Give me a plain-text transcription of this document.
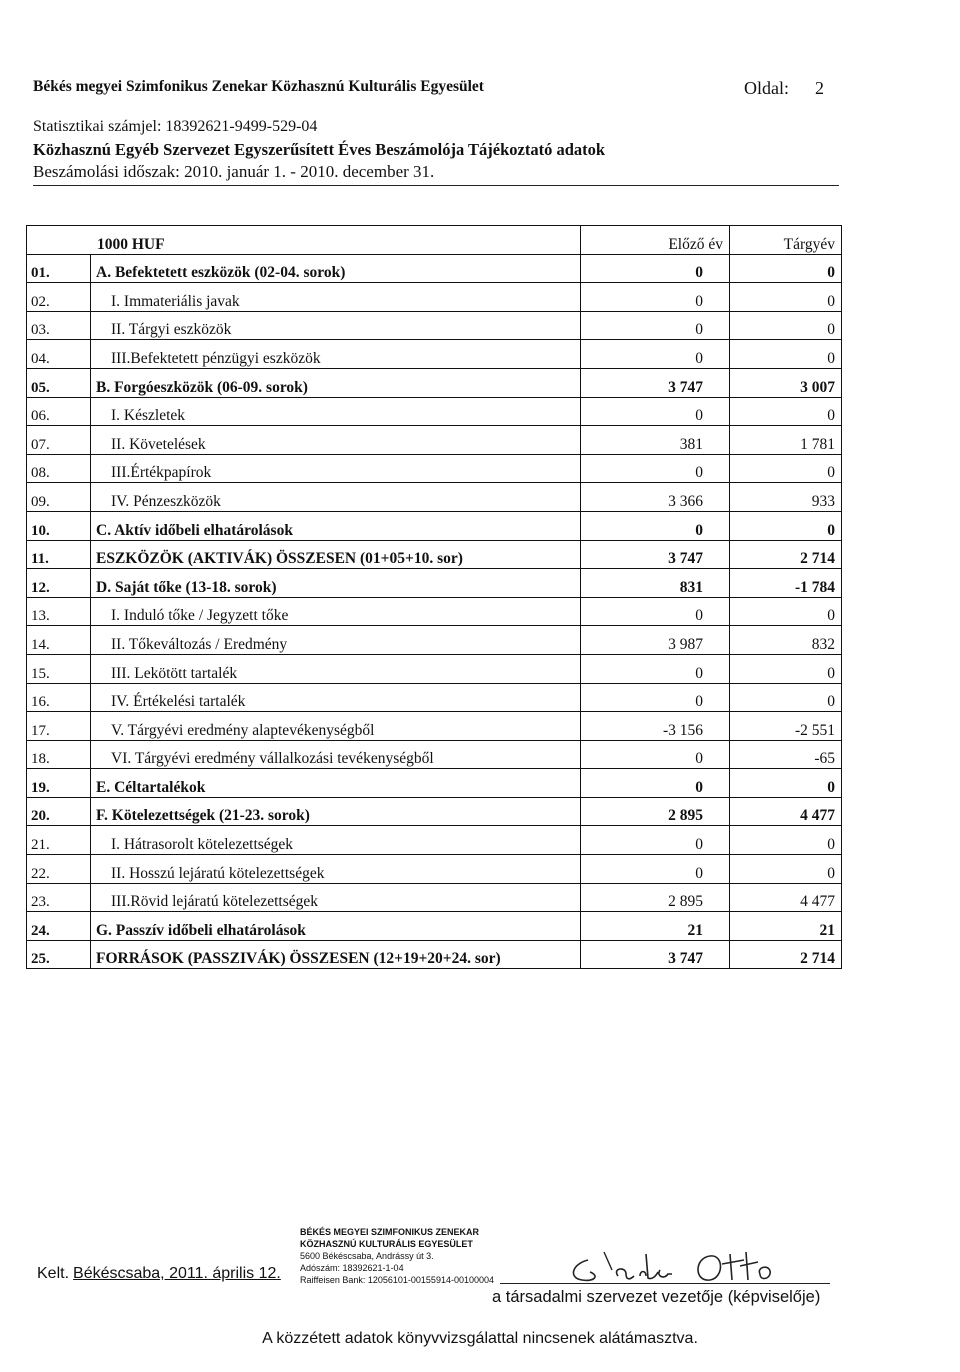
Békés megyei Szimfonikus Zenekar Közhasznú Kulturális Egyesület	Oldal: 2
Statisztikai számjel: 18392621-9499-529-04
Közhasznú Egyéb Szervezet Egyszerűsített Éves Beszámolója Tájékoztató adatok
Beszámolási időszak: 2010. január 1. - 2010. december 31.
1000 HUF		Előző év	Tárgyév
01.	A. Befektetett eszközök (02-04. sorok)	0	0
02.	I. Immateriális javak	0	0
03.	II. Tárgyi eszközök	0	0
04.	III.Befektetett pénzügyi eszközök	0	0
05.	B. Forgóeszközök (06-09. sorok)	3 747	3 007
06.	I. Készletek	0	0
07.	II. Követelések	381	1 781
08.	III.Értékpapírok	0	0
09.	IV. Pénzeszközök	3 366	933
10.	C. Aktív időbeli elhatárolások	0	0
11.	ESZKÖZÖK (AKTIVÁK) ÖSSZESEN (01+05+10. sor)	3 747	2 714
12.	D. Saját tőke (13-18. sorok)	831	-1 784
13.	I. Induló tőke / Jegyzett tőke	0	0
14.	II. Tőkeváltozás / Eredmény	3 987	832
15.	III. Lekötött tartalék	0	0
16.	IV. Értékelési tartalék	0	0
17.	V. Tárgyévi eredmény alaptevékenységből	-3 156	-2 551
18.	VI. Tárgyévi eredmény vállalkozási tevékenységből	0	-65
19.	E. Céltartalékok	0	0
20.	F. Kötelezettségek (21-23. sorok)	2 895	4 477
21.	I. Hátrasorolt kötelezettségek	0	0
22.	II. Hosszú lejáratú kötelezettségek	0	0
23.	III.Rövid lejáratú kötelezettségek	2 895	4 477
24.	G. Passzív időbeli elhatárolások	21	21
25.	FORRÁSOK (PASSZIVÁK) ÖSSZESEN (12+19+20+24. sor)	3 747	2 714
Kelt. Békéscsaba, 2011. április 12.
BÉKÉS MEGYEI SZIMFONIKUS ZENEKAR
KÖZHASZNÚ KULTURÁLIS EGYESÜLET
5600 Békéscsaba, Andrássy út 3.
Adószám: 18392621-1-04
Raiffeisen Bank: 12056101-00155914-00100004
a társadalmi szervezet vezetője (képviselője)
A közzétett adatok könyvvizsgálattal nincsenek alátámasztva.
